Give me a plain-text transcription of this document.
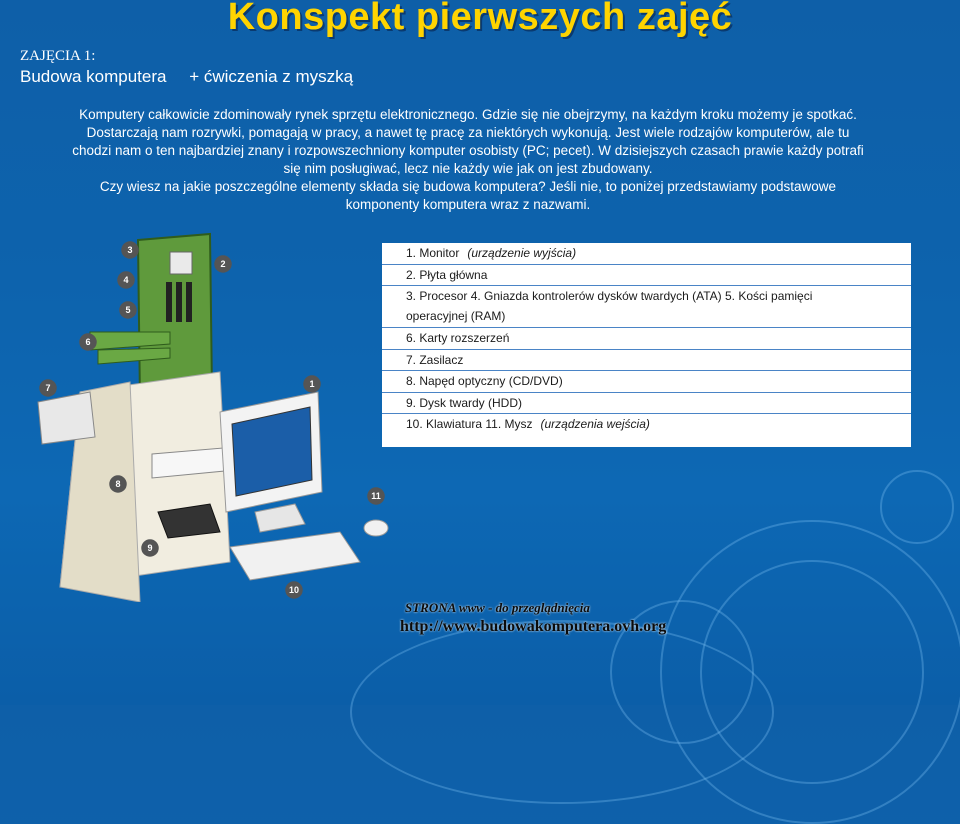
Konspekt pierwszych zajęć
ZAJĘCIA 1:
Budowa komputera + ćwiczenia z myszką

Komputery całkowicie zdominowały rynek sprzętu elektronicznego. Gdzie się nie obejrzymy, na każdym kroku możemy je spotkać.

Dostarczają nam rozrywki, pomagają w pracy, a nawet tę pracę za niektórych wykonują. Jest wiele rodzajów komputerów, ale tu

chodzi nam o ten najbardziej znany i rozpowszechniony komputer osobisty (PC; pecet). W dzisiejszych czasach prawie każdy potrafi

się nim posługiwać, lecz nie każdy wie jak on jest zbudowany.

Czy wiesz na jakie poszczególne elementy składa się budowa komputera? Jeśli nie, to poniżej przedstawiamy podstawowe

komponenty komputera wraz z nazwami.

1
2
3
4
5
6
7
8
9
10
11
1. Monitor (urządzenie wyjścia)
2. Płyta główna
3. Procesor 4. Gniazda kontrolerów dysków twardych (ATA) 5. Kości pamięci
operacyjnej (RAM)
6. Karty rozszerzeń
7. Zasilacz
8. Napęd optyczny (CD/DVD)
9. Dysk twardy (HDD)
10. Klawiatura 11. Mysz (urządzenia wejścia)
STRONA www - do przeglądnięcia
http://www.budowakomputera.ovh.org
